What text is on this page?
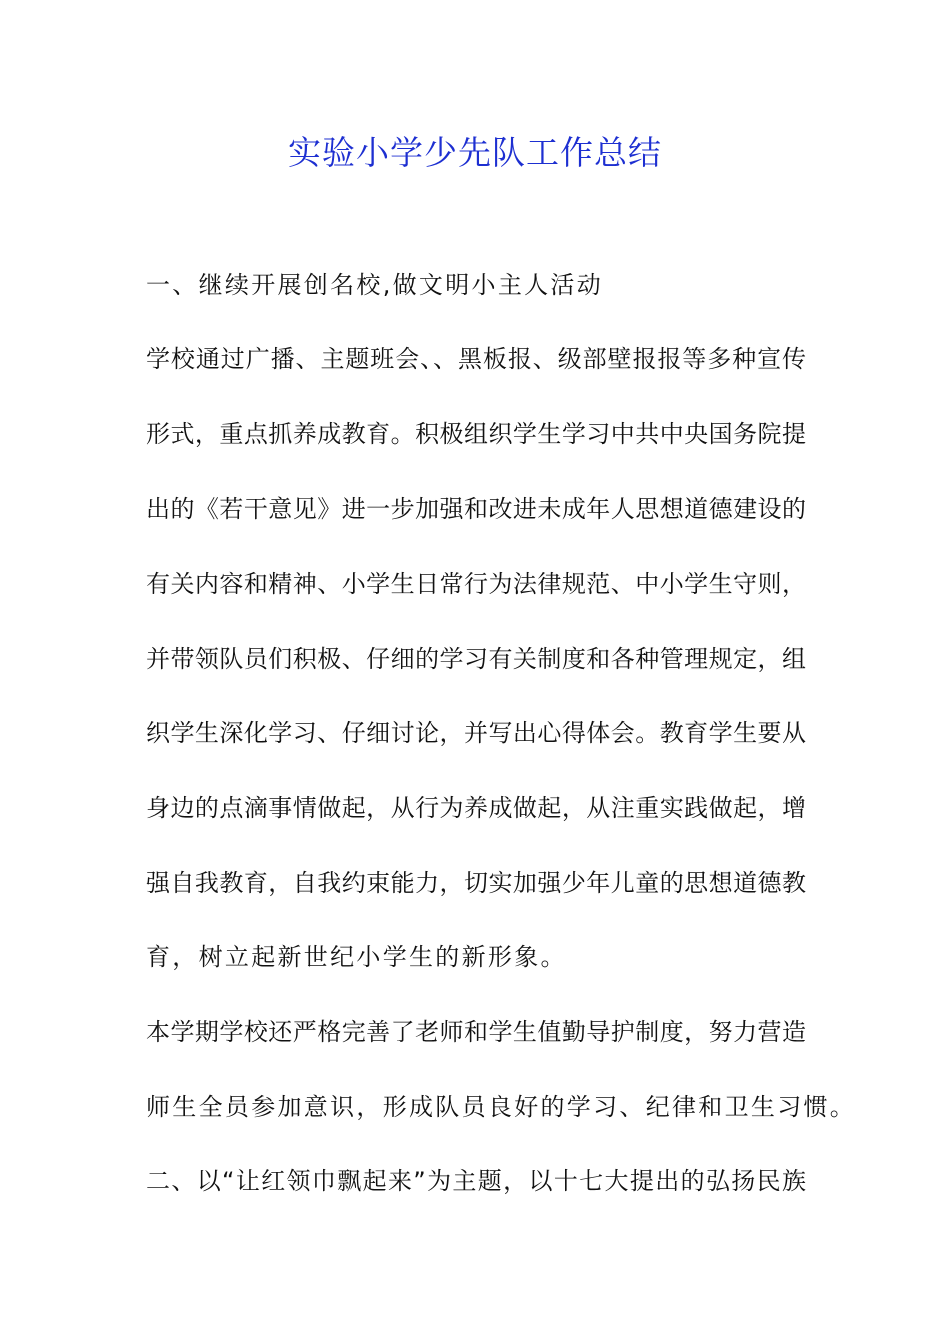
实验小学少先队工作总结
一、继续开展创名校,做文明小主人活动
学校通过广播、主题班会、、黑板报、级部壁报报等多种宣传
形式，重点抓养成教育。积极组织学生学习中共中央国务院提
出的《若干意见》进一步加强和改进未成年人思想道德建设的
有关内容和精神、小学生日常行为法律规范、中小学生守则，
并带领队员们积极、仔细的学习有关制度和各种管理规定，组
织学生深化学习、仔细讨论，并写出心得体会。教育学生要从
身边的点滴事情做起，从行为养成做起，从注重实践做起，增
强自我教育，自我约束能力，切实加强少年儿童的思想道德教
育，树立起新世纪小学生的新形象。
本学期学校还严格完善了老师和学生值勤导护制度，努力营造
师生全员参加意识，形成队员良好的学习、纪律和卫生习惯。
二、以“让红领巾飘起来”为主题，以十七大提出的弘扬民族
